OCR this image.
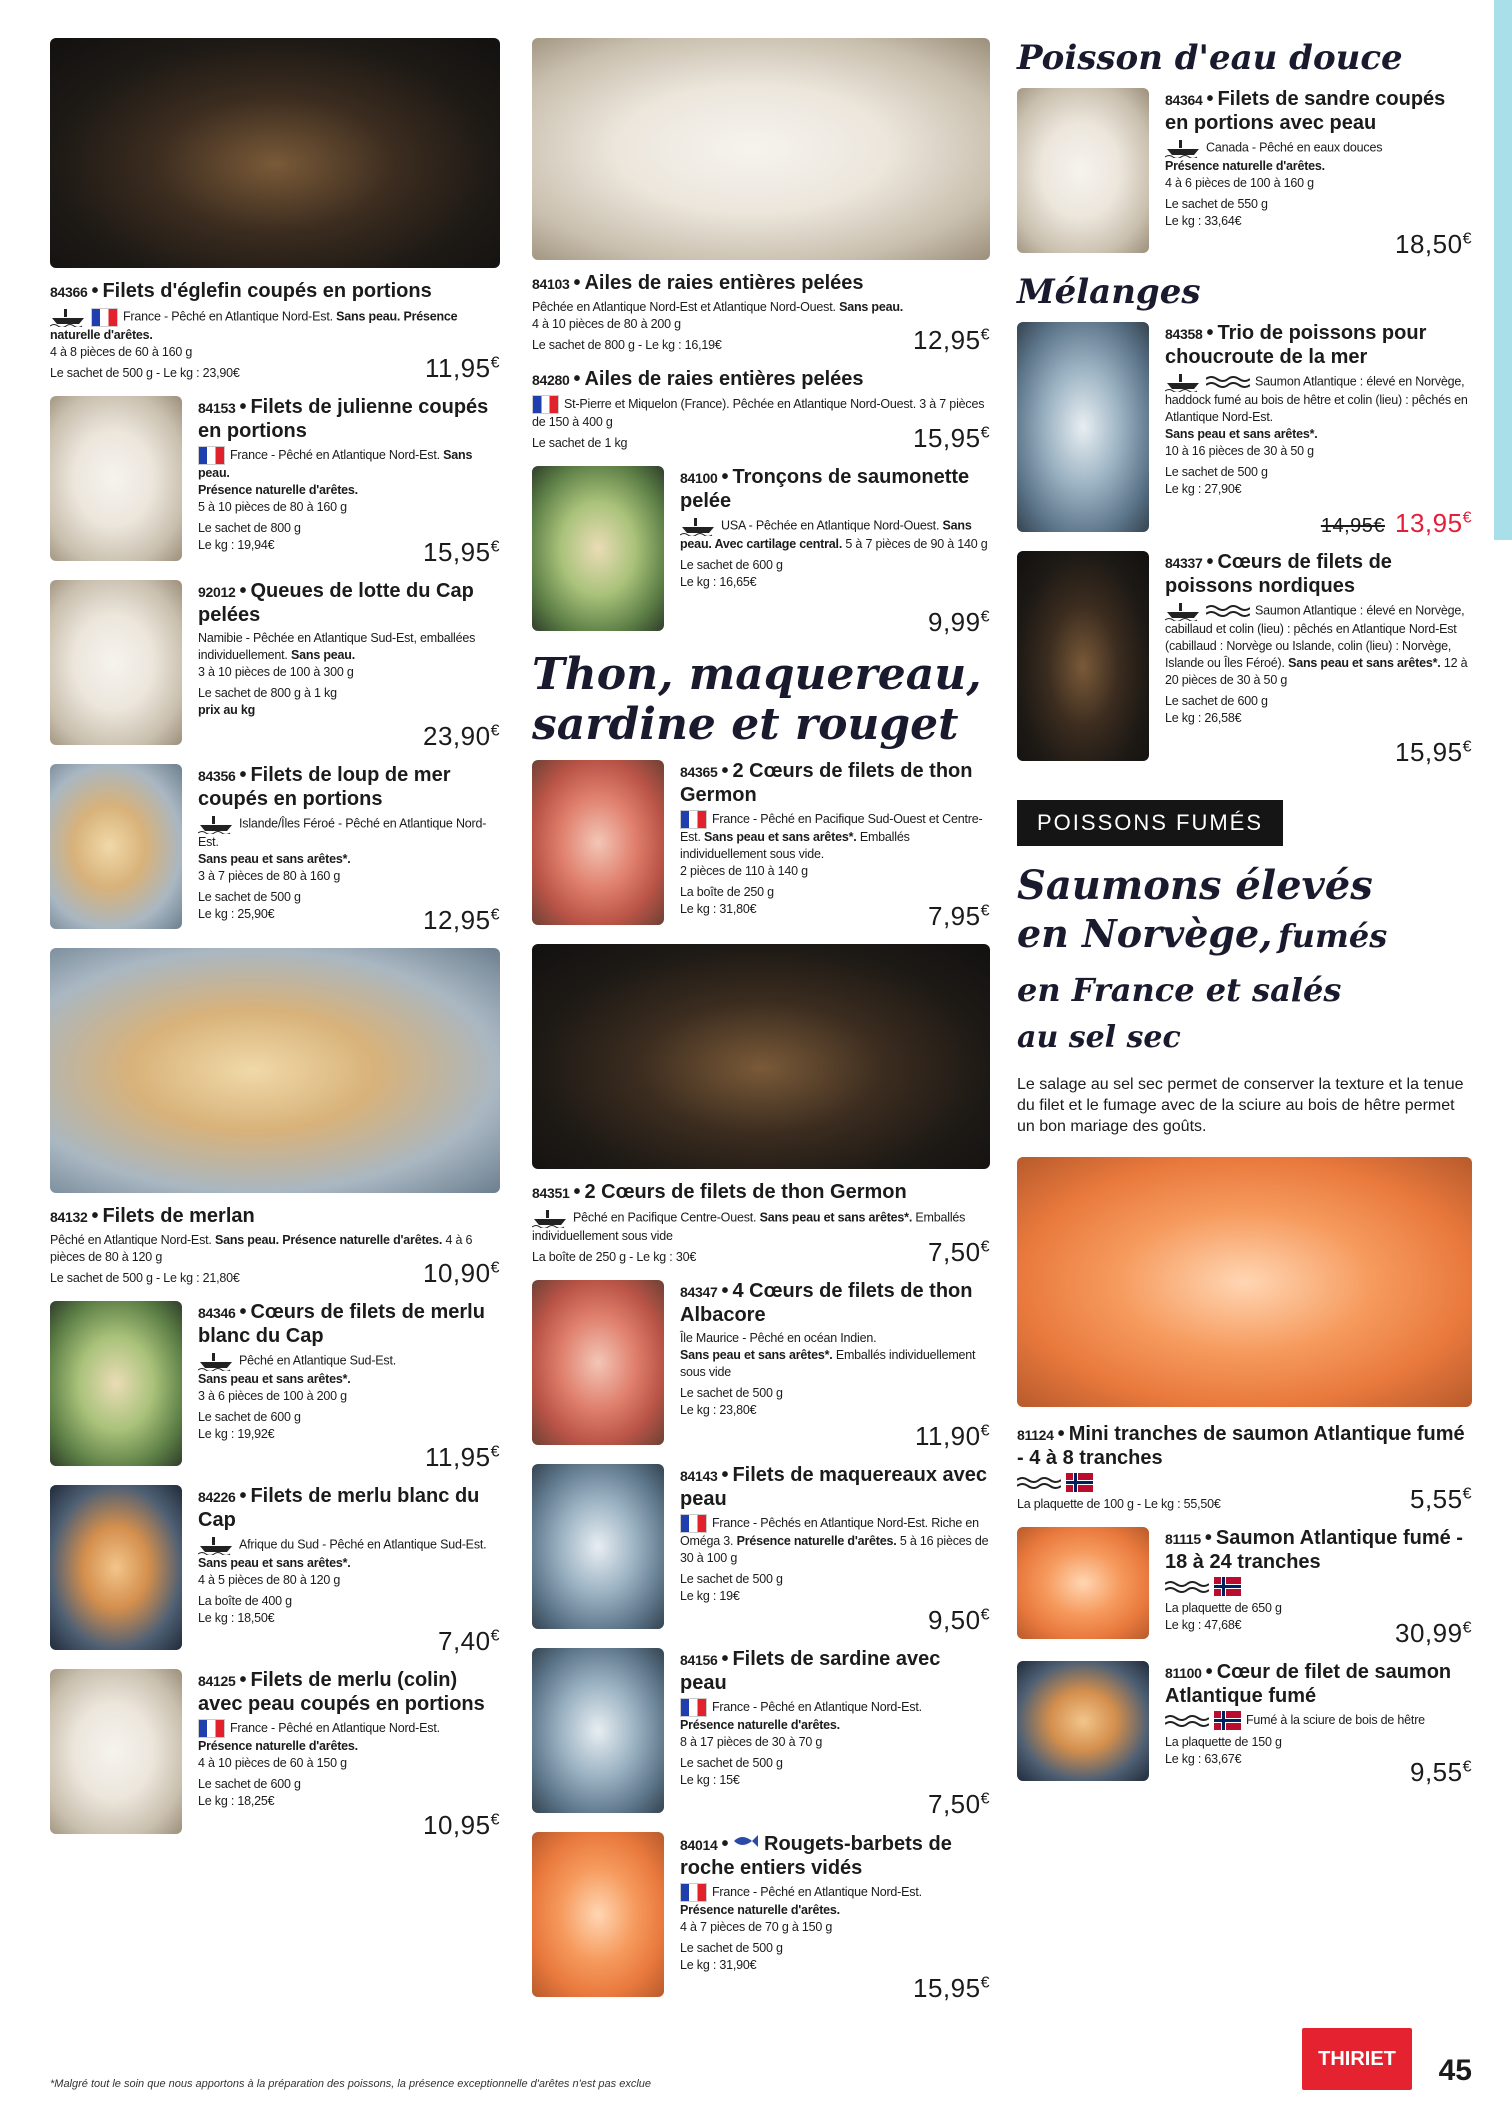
84366 • Filets d'églefin coupés en portions
France - Pêché en Atlantique Nord-Est. Sans peau. Présence naturelle d'arêtes.
4 à 8 pièces de 60 à 160 g
Le sachet de 500 g - Le kg : 23,90€	11,95€
84153 • Filets de julienne coupés en portions
France - Pêché en Atlantique Nord-Est. Sans peau.
Présence naturelle d'arêtes.
5 à 10 pièces de 80 à 160 g
Le sachet de 800 g
Le kg : 19,94€	15,95€
92012 • Queues de lotte du Cap pelées
Namibie - Pêchée en Atlantique Sud-Est, emballées individuellement. Sans peau.
3 à 10 pièces de 100 à 300 g
Le sachet de 800 g à 1 kg
prix au kg
23,90€
84356 • Filets de loup de mer coupés en portions
Islande/Îles Féroé - Pêché en Atlantique Nord-Est.
Sans peau et sans arêtes*.
3 à 7 pièces de 80 à 160 g
Le sachet de 500 g
Le kg : 25,90€	12,95€
84132 • Filets de merlan
Pêché en Atlantique Nord-Est. Sans peau. Présence naturelle d'arêtes. 4 à 6 pièces de 80 à 120 g
Le sachet de 500 g - Le kg : 21,80€	10,90€
84346 • Cœurs de filets de merlu blanc du Cap
Pêché en Atlantique Sud-Est.
Sans peau et sans arêtes*.
3 à 6 pièces de 100 à 200 g
Le sachet de 600 g
Le kg : 19,92€
11,95€
84226 • Filets de merlu blanc du Cap
Afrique du Sud - Pêché en Atlantique Sud-Est.
Sans peau et sans arêtes*.
4 à 5 pièces de 80 à 120 g
La boîte de 400 g
Le kg : 18,50€
7,40€
84125 • Filets de merlu (colin) avec peau coupés en portions
France - Pêché en Atlantique Nord-Est.
Présence naturelle d'arêtes.
4 à 10 pièces de 60 à 150 g
Le sachet de 600 g
Le kg : 18,25€
10,95€
84103 • Ailes de raies entières pelées
Pêchée en Atlantique Nord-Est et Atlantique Nord-Ouest. Sans peau.
4 à 10 pièces de 80 à 200 g
Le sachet de 800 g - Le kg : 16,19€	12,95€
84280 • Ailes de raies entières pelées
St-Pierre et Miquelon (France). Pêchée en Atlantique Nord-Ouest. 3 à 7 pièces de 150 à 400 g
Le sachet de 1 kg	15,95€
84100 • Tronçons de saumonette pelée
USA - Pêchée en Atlantique Nord-Ouest. Sans peau. Avec cartilage central. 5 à 7 pièces de 90 à 140 g
Le sachet de 600 g
Le kg : 16,65€
9,99€
Thon, maquereau, sardine et rouget
84365 • 2 Cœurs de filets de thon Germon
France - Pêché en Pacifique Sud-Ouest et Centre-Est. Sans peau et sans arêtes*. Emballés individuellement sous vide.
2 pièces de 110 à 140 g
La boîte de 250 g
Le kg : 31,80€	7,95€
84351 • 2 Cœurs de filets de thon Germon
Pêché en Pacifique Centre-Ouest. Sans peau et sans arêtes*. Emballés individuellement sous vide
La boîte de 250 g - Le kg : 30€	7,50€
84347 • 4 Cœurs de filets de thon Albacore
Île Maurice - Pêché en océan Indien.
Sans peau et sans arêtes*. Emballés individuellement sous vide
Le sachet de 500 g
Le kg : 23,80€
11,90€
84143 • Filets de maquereaux avec peau
France - Pêchés en Atlantique Nord-Est. Riche en Oméga 3. Présence naturelle d'arêtes. 5 à 16 pièces de 30 à 100 g
Le sachet de 500 g
Le kg : 19€
9,50€
84156 • Filets de sardine avec peau
France - Pêché en Atlantique Nord-Est.
Présence naturelle d'arêtes.
8 à 17 pièces de 30 à 70 g
Le sachet de 500 g
Le kg : 15€
7,50€
84014 • Rougets-barbets de roche entiers vidés
France - Pêché en Atlantique Nord-Est.
Présence naturelle d'arêtes.
4 à 7 pièces de 70 g à 150 g
Le sachet de 500 g
Le kg : 31,90€
15,95€
Poisson d'eau douce
84364 • Filets de sandre coupés en portions avec peau
Canada - Pêché en eaux douces
Présence naturelle d'arêtes.
4 à 6 pièces de 100 à 160 g
Le sachet de 550 g
Le kg : 33,64€
18,50€
Mélanges
84358 • Trio de poissons pour choucroute de la mer
Saumon Atlantique : élevé en Norvège, haddock fumé au bois de hêtre et colin (lieu) : pêchés en Atlantique Nord-Est.
Sans peau et sans arêtes*.
10 à 16 pièces de 30 à 50 g
Le sachet de 500 g
Le kg : 27,90€
14,95€ 13,95€
84337 • Cœurs de filets de poissons nordiques
Saumon Atlantique : élevé en Norvège, cabillaud et colin (lieu) : pêchés en Atlantique Nord-Est (cabillaud : Norvège ou Islande, colin (lieu) : Norvège, Islande ou Îles Féroé). Sans peau et sans arêtes*. 12 à 20 pièces de 30 à 50 g
Le sachet de 600 g
Le kg : 26,58€
15,95€
POISSONS FUMÉS
Saumons élevés
en Norvège, fumés
en France et salés
au sel sec
Le salage au sel sec permet de conserver la texture et la tenue du filet et le fumage avec de la sciure au bois de hêtre permet un bon mariage des goûts.
81124 • Mini tranches de saumon Atlantique fumé - 4 à 8 tranches
La plaquette de 100 g - Le kg : 55,50€	5,55€
81115 • Saumon Atlantique fumé - 18 à 24 tranches
La plaquette de 650 g
Le kg : 47,68€	30,99€
81100 • Cœur de filet de saumon Atlantique fumé
Fumé à la sciure de bois de hêtre
La plaquette de 150 g
Le kg : 63,67€	9,55€
*Malgré tout le soin que nous apportons à la préparation des poissons, la présence exceptionnelle d'arêtes n'est pas exclue
THIRIET	45
